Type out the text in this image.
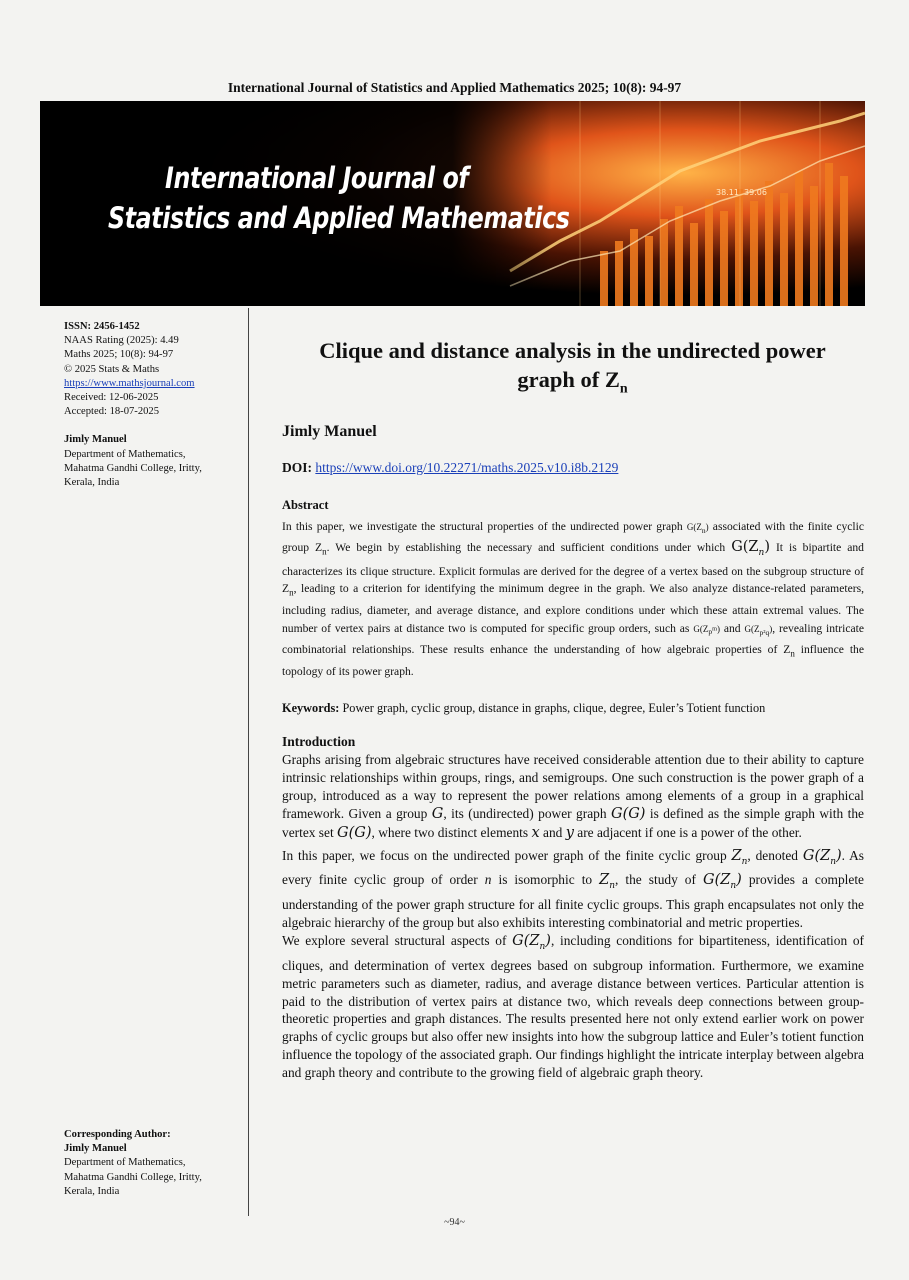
International Journal of Statistics and Applied Mathematics 2025; 10(8): 94-97
International Journal of
Statistics and Applied Mathematics
38.11 39.06
ISSN: 2456-1452
NAAS Rating (2025): 4.49
Maths 2025; 10(8): 94-97
© 2025 Stats & Maths
https://www.mathsjournal.com
Received: 12-06-2025
Accepted: 18-07-2025
Jimly Manuel
Department of Mathematics,
Mahatma Gandhi College, Iritty,
Kerala, India
Corresponding Author:
Jimly Manuel
Department of Mathematics,
Mahatma Gandhi College, Iritty,
Kerala, India
Clique and distance analysis in the undirected power
graph of $Z_n$
Jimly Manuel
DOI: https://www.doi.org/10.22271/maths.2025.v10.i8b.2129
Abstract

In this paper, we investigate the structural properties of the undirected power graph $G(Z_n)$ associated with the finite cyclic group $Z_n$. We begin by establishing the necessary and sufficient conditions under which $G(Z_n)$ It is bipartite and characterizes its clique structure. Explicit formulas are derived for the degree of a vertex based on the subgroup structure of $Z_n$, leading to a criterion for identifying the minimum degree in the graph. We also analyze distance-related parameters, including radius, diameter, and average distance, and explore conditions under which these attain extremal values. The number of vertex pairs at distance two is computed for specific group orders, such as $G(Z_{p^m})$ and $G(Z_{p^2q})$, revealing intricate combinatorial relationships. These results enhance the understanding of how algebraic properties of $Z_n$ influence the topology of its power graph.

Keywords: Power graph, cyclic group, distance in graphs, clique, degree, Euler’s Totient function
Introduction

Graphs arising from algebraic structures have received considerable attention due to their ability to capture intrinsic relationships within groups, rings, and semigroups. One such construction is the power graph of a group, introduced as a way to represent the power relations among elements of a group in a graphical framework. Given a group G, its (undirected) power graph G(G) is defined as the simple graph with the vertex set G(G), where two distinct elements x and y are adjacent if one is a power of the other.

In this paper, we focus on the undirected power graph of the finite cyclic group $Z_n$, denoted $G(Z_n)$. As every finite cyclic group of order n is isomorphic to $Z_n$, the study of $G(Z_n)$ provides a complete understanding of the power graph structure for all finite cyclic groups. This graph encapsulates not only the algebraic hierarchy of the group but also exhibits interesting combinatorial and metric properties.

We explore several structural aspects of $G(Z_n)$, including conditions for bipartiteness, identification of cliques, and determination of vertex degrees based on subgroup information. Furthermore, we examine metric parameters such as diameter, radius, and average distance between vertices. Particular attention is paid to the distribution of vertex pairs at distance two, which reveals deep connections between group-theoretic properties and graph distances. The results presented here not only extend earlier work on power graphs of cyclic groups but also offer new insights into how the subgroup lattice and Euler’s totient function influence the topology of the associated graph. Our findings highlight the intricate interplay between algebra and graph theory and contribute to the growing field of algebraic graph theory.

~94~
